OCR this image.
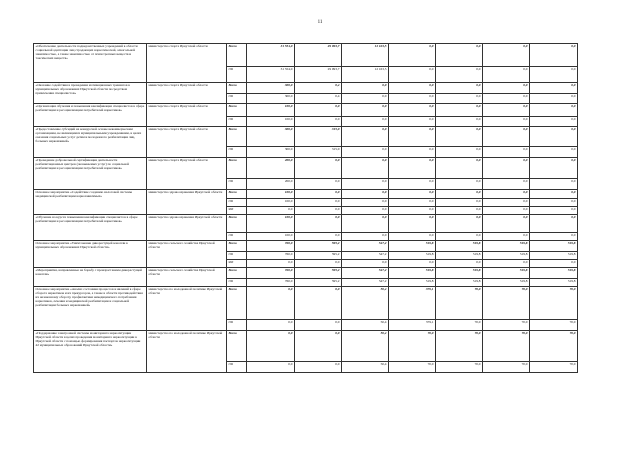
11
«Обеспечение деятельности подведомственных учреждений в области социальной адаптации лиц страдающих наркотической, алкогольной зависимостью, а также зависимостью от психотропных веществ и токсических веществ»	министерство спорта Иркутской области	Всего	31 554,0	29 093,7	12 163,5	0,0	0,0	0,0	0,0
		ОБ	31 554,0	29 093,7	12 163,5	0,0	0,0	0,0	0,0
«Оказание содействия в проведении мотивационных тренингов в муниципальных образованиях Иркутской области посредством привлечения специалистов»	министерство спорта Иркутской области	Всего	300,0	0,4	0,0	0,0	0,0	0,0	0,0
		ОБ	300,0	0,4	0,0	0,0	0,0	0,0	0,0
«Организация обучения и повышения квалификации специалистов в сфере реабилитации и ресоциализации потребителей наркотиков»	министерство спорта Иркутской области	Всего	100,0	0,0	0,0	0,0	0,0	0,0	0,0
		ОБ	100,0	0,0	0,0	0,0	0,0	0,0	0,0
«Предоставление субсидий на конкурсной основе некоммерческим организациям, не являющимся муниципальными учреждениями, в целях оказания социальных услуг детям и молодежи по реабилитации лиц, больных наркоманией»	министерство спорта Иркутской области	Всего	300,0	315,0	0,0	0,0	0,0	0,0	0,0
		ОБ	300,0	315,0	0,0	0,0	0,0	0,0	0,0
«Проведение добровольной сертификации деятельности реабилитационных центров (оказываемых услуг) по социальной реабилитации и ресоциализации потребителей наркотиков»	министерство спорта Иркутской области	Всего	200,0	0,0	0,0	0,0	0,0	0,0	0,0
		ОБ	200,0	0,0	0,0	0,0	0,0	0,0	0,0
Основное мероприятие «Содействие созданию налоговой системы медицинской реабилитации наркозависимых»	министерство здравоохранения Иркутской области	Всего	100,0	0,0	0,0	0,0	0,0	0,0	0,0
		ОБ	100,0	0,0	0,0	0,0	0,0	0,0	0,0
		ФБ	0,0	0,0	0,0	0,0	0,0	0,0	0,0
«Обучение на курсах повышения квалификации специалистов в сфере реабилитации и ресоциализации потребителей наркотиков»	министерство здравоохранения Иркутской области	Всего	100,0	0,0	0,0	0,0	0,0	0,0	0,0
		ОБ	100,0	0,0	0,0	0,0	0,0	0,0	0,0
Основное мероприятие «Уничтожение дикорастущей конопли в муниципальных образованиях Иркутской области»	министерство сельского хозяйства Иркутской области	Всего	760,0	595,2	547,2	519,8	519,8	519,8	519,8
		ОБ	760,0	595,2	547,2	519,8	519,8	519,8	519,8
		ФБ	0,0	0,0	0,0	0,0	0,0	0,0	0,0
«Мероприятия, направленные на борьбу с произрастанием дикорастущей конопли»	министерство сельского хозяйства Иркутской области	Всего	760,0	595,2	547,2	519,8	519,8	519,8	519,8
		ОБ	760,0	595,2	547,2	519,8	519,8	519,8	519,8
Основное мероприятие «Анализ состояния процессов и явлений в сфере оборота наркотиков и их прекурсоров, а также в области противодействия их незаконному обороту, профилактики немедицинского потребления наркотиков, лечения и медицинской реабилитации и социальной реабилитации больных наркоманией»	министерство по молодежной политике Иркутской области	Всего	0,0	0,0	50,4	379,1	70,0	70,0	70,0
		ОБ	0,0	0,0	50,4	379,1	70,0	70,0	70,0
«Поддержание электронной системы мониторинга наркоситуации Иркутской области в целях проведения мониторинга наркоситуации в Иркутской области с помощью формирования паспортов наркоситуации 42 муниципальных образований Иркутской области»	министерство по молодежной политике Иркутской области	Всего	0,0	0,0	50,4	70,0	70,0	70,0	70,0
		ОБ	0,0	0,0	50,4	70,0	70,0	70,0	70,0
